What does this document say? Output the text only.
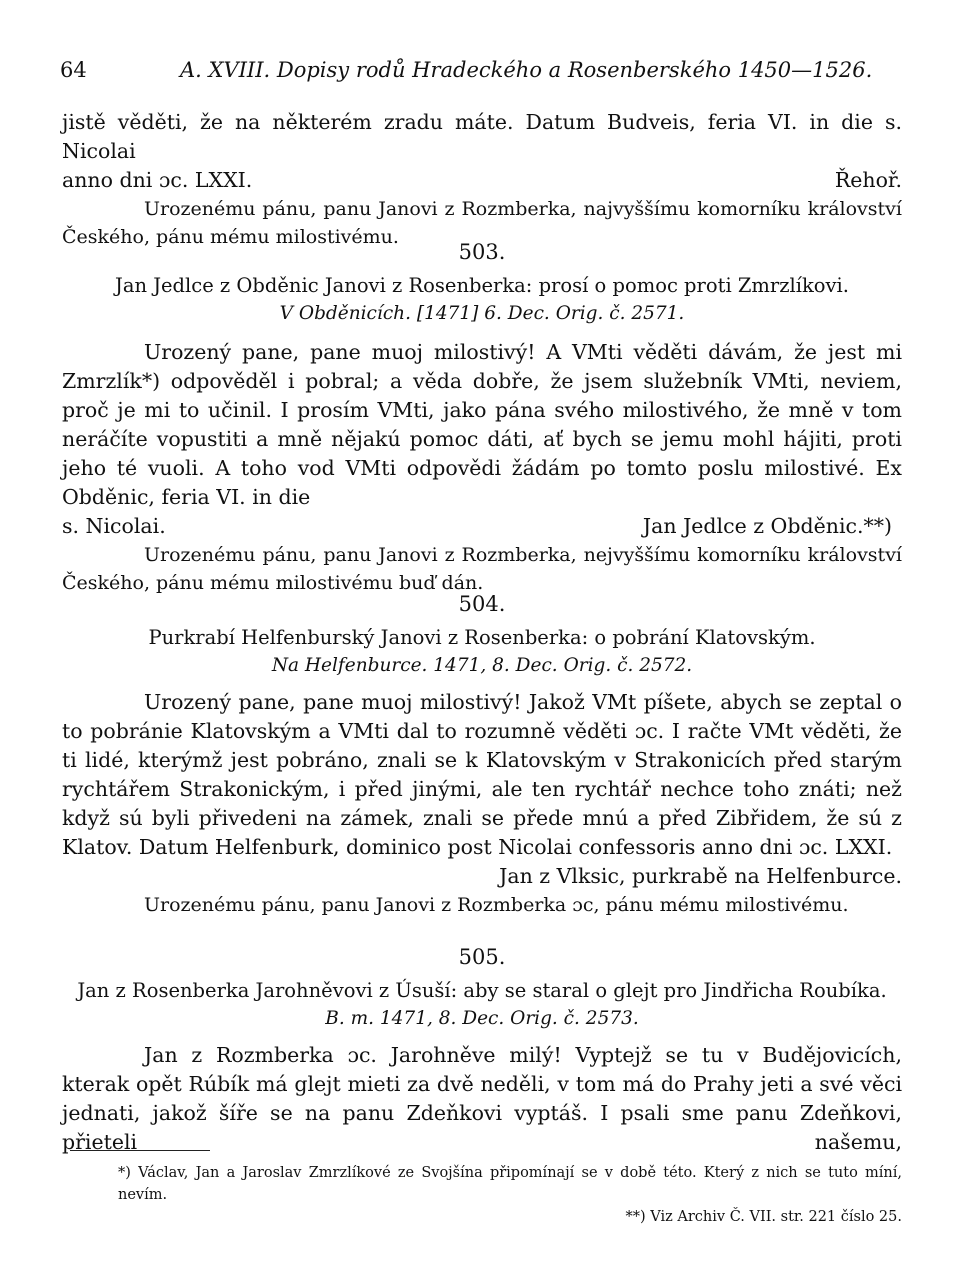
64	A. XVIII. Dopisy rodů Hradeckého a Rosenberského 1450—1526.

jistě věděti, že na některém zradu máte. Datum Budveis, feria VI. in die s. Nicolai

anno dni ɔc. LXXI.	Řehoř.

Urozenému pánu, panu Janovi z Rozmberka, najvyššímu komorníku království Českého, pánu mému milostivému.

503.

Jan Jedlce z Obděnic Janovi z Rosenberka: prosí o pomoc proti Zmrzlíkovi.

V Obděnicích. [1471] 6. Dec. Orig. č. 2571.

Urozený pane, pane muoj milostivý! A VMti věděti dávám, že jest mi Zmrzlík*) odpověděl i pobral; a věda dobře, že jsem služebník VMti, neviem, proč je mi to učinil. I prosím VMti, jako pána svého milostivého, že mně v tom neráčíte vopustiti a mně nějakú pomoc dáti, ať bych se jemu mohl hájiti, proti jeho té vuoli. A toho vod VMti odpovědi žádám po tomto poslu milostivé. Ex Obděnic, feria VI. in die

s. Nicolai.	Jan Jedlce z Obděnic.**)

Urozenému pánu, panu Janovi z Rozmberka, nejvyššímu komorníku království Českého, pánu mému milostivému buď dán.

504.

Purkrabí Helfenburský Janovi z Rosenberka: o pobrání Klatovským.

Na Helfenburce. 1471, 8. Dec. Orig. č. 2572.

Urozený pane, pane muoj milostivý! Jakož VMt píšete, abych se zeptal o to pobránie Klatovským a VMti dal to rozumně věděti ɔc. I račte VMt věděti, že ti lidé, kterýmž jest pobráno, znali se k Klatovským v Strakonicích před starým rychtářem Strakonickým, i před jinými, ale ten rychtář nechce toho znáti; než když sú byli přivedeni na zámek, znali se přede mnú a před Zibřidem, že sú z Klatov. Datum Helfenburk, dominico post Nicolai confessoris anno dni ɔc. LXXI.

Jan z Vlksic, purkrabě na Helfenburce.

Urozenému pánu, panu Janovi z Rozmberka ɔc, pánu mému milostivému.

505.

Jan z Rosenberka Jarohněvovi z Úsuší: aby se staral o glejt pro Jindřicha Roubíka.

B. m. 1471, 8. Dec. Orig. č. 2573.

Jan z Rozmberka ɔc. Jarohněve milý! Vyptejž se tu v Budějovicích, kterak opět Rúbík má glejt mieti za dvě neděli, v tom má do Prahy jeti a své věci jednati, jakož šíře se na panu Zdeňkovi vyptáš. I psali sme panu Zdeňkovi, přieteli našemu,

*) Václav, Jan a Jaroslav Zmrzlíkové ze Svojšína připomínají se v době této. Který z nich se tuto míní, nevím.
**) Viz Archiv Č. VII. str. 221 číslo 25.
